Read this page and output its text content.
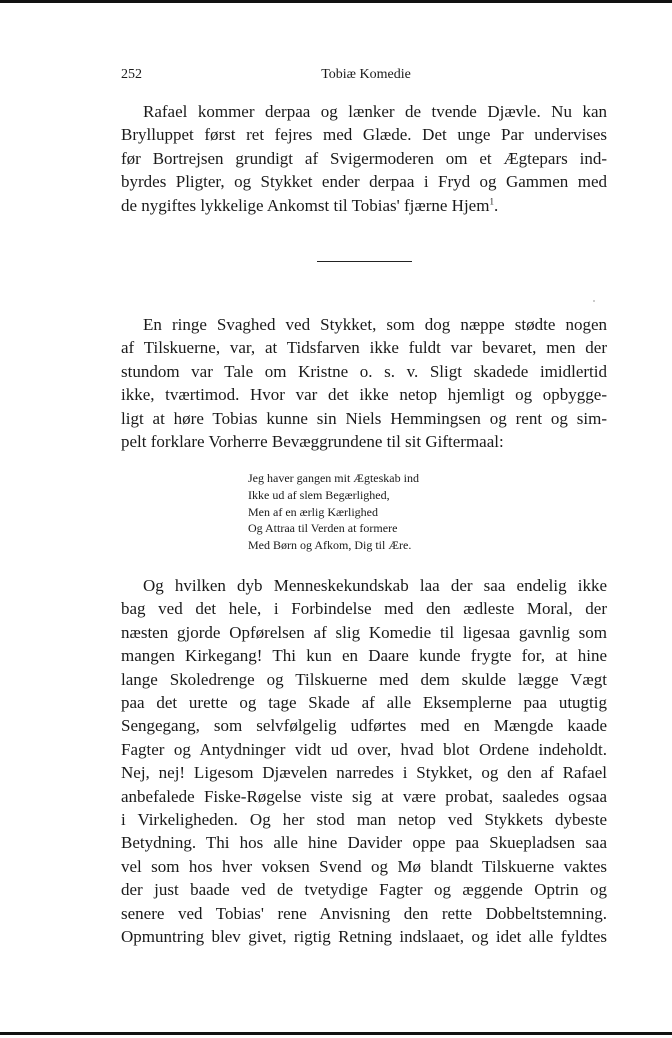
252	Tobiæ Komedie
Rafael kommer derpaa og lænker de tvende Djævle. Nu kan
Brylluppet først ret fejres med Glæde. Det unge Par undervises
før Bortrejsen grundigt af Svigermoderen om et Ægtepars ind-
byrdes Pligter, og Stykket ender derpaa i Fryd og Gammen med
de nygiftes lykkelige Ankomst til Tobias' fjærne Hjem$^1$.
En ringe Svaghed ved Stykket, som dog næppe stødte nogen
af Tilskuerne, var, at Tidsfarven ikke fuldt var bevaret, men der
stundom var Tale om Kristne o. s. v. Sligt skadede imidlertid
ikke, tværtimod. Hvor var det ikke netop hjemligt og opbygge-
ligt at høre Tobias kunne sin Niels Hemmingsen og rent og sim-
pelt forklare Vorherre Bevæggrundene til sit Giftermaal:
Jeg haver gangen mit Ægteskab ind
Ikke ud af slem Begærlighed,
Men af en ærlig Kærlighed
Og Attraa til Verden at formere
Med Børn og Afkom, Dig til Ære.
Og hvilken dyb Menneskekundskab laa der saa endelig ikke
bag ved det hele, i Forbindelse med den ædleste Moral, der
næsten gjorde Opførelsen af slig Komedie til ligesaa gavnlig som
mangen Kirkegang! Thi kun en Daare kunde frygte for, at hine
lange Skoledrenge og Tilskuerne med dem skulde lægge Vægt
paa det urette og tage Skade af alle Eksemplerne paa utugtig
Sengegang, som selvfølgelig udførtes med en Mængde kaade
Fagter og Antydninger vidt ud over, hvad blot Ordene indeholdt.
Nej, nej! Ligesom Djævelen narredes i Stykket, og den af Rafael
anbefalede Fiske-Røgelse viste sig at være probat, saaledes ogsaa
i Virkeligheden. Og her stod man netop ved Stykkets dybeste
Betydning. Thi hos alle hine Davider oppe paa Skuepladsen saa
vel som hos hver voksen Svend og Mø blandt Tilskuerne vaktes
der just baade ved de tvetydige Fagter og æggende Optrin og
senere ved Tobias' rene Anvisning den rette Dobbeltstemning.
Opmuntring blev givet, rigtig Retning indslaaet, og idet alle fyldtes
